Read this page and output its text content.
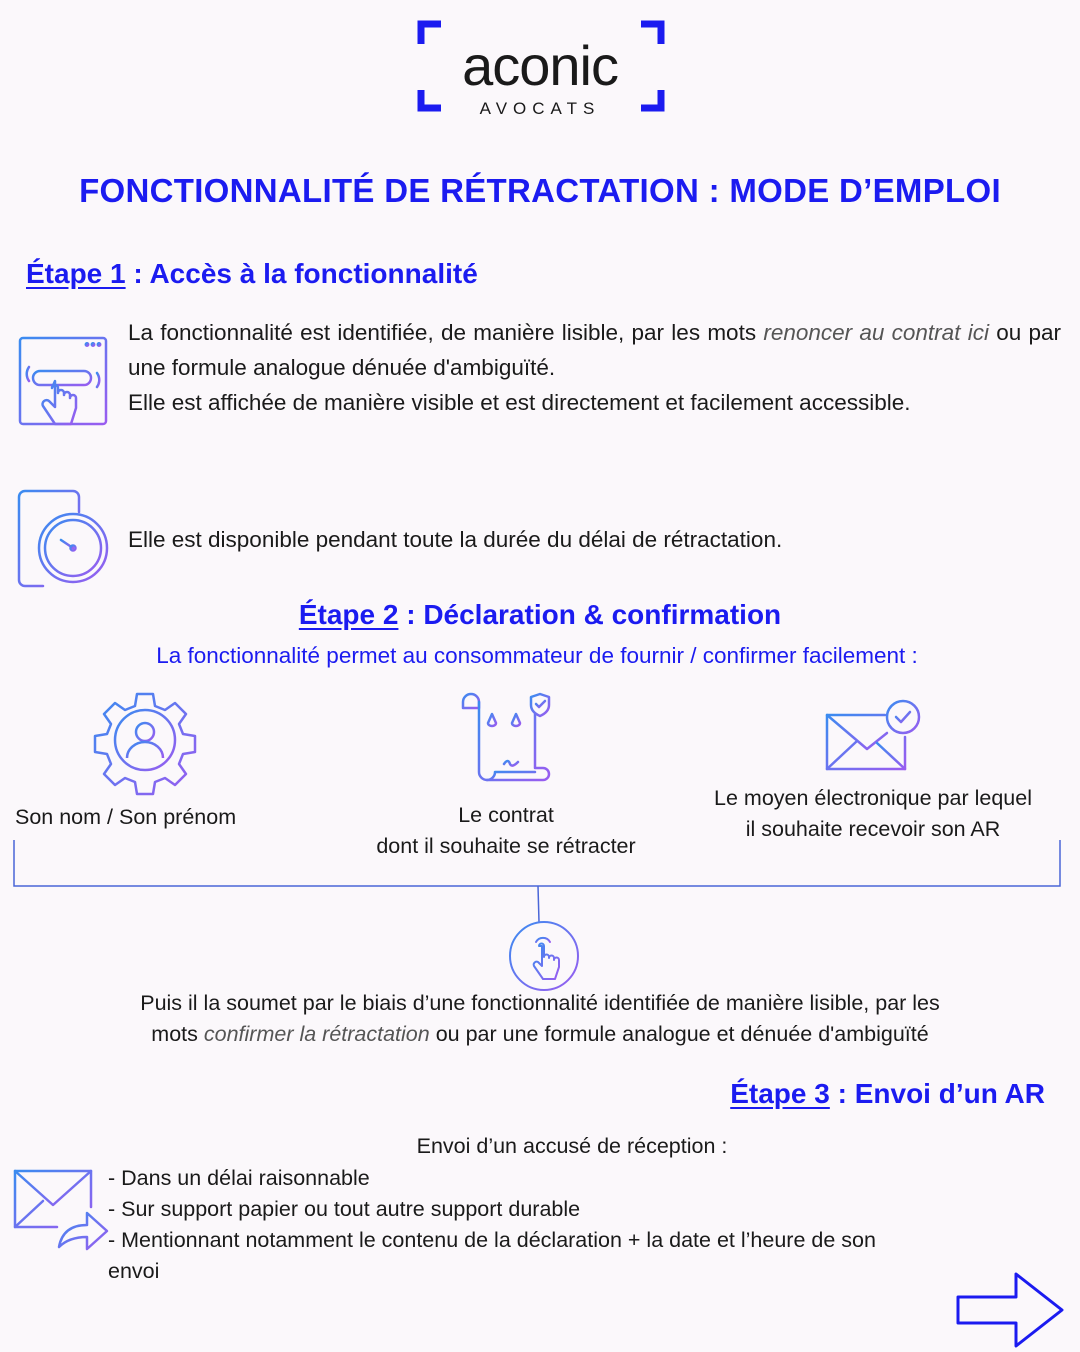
aconic
AVOCATS
FONCTIONNALITÉ DE RÉTRACTATION : MODE D’EMPLOI
Étape 1 : Accès à la fonctionnalité
La fonctionnalité est identifiée, de manière lisible, par les mots renoncer au contrat ici ou par une formule analogue dénuée d'ambiguïté.
Elle est affichée de manière visible et est directement et facilement accessible.
Elle est disponible pendant toute la durée du délai de rétractation.
Étape 2 : Déclaration & confirmation
La fonctionnalité permet au consommateur de fournir / confirmer facilement :
Son nom / Son prénom	Le contrat
dont il souhaite se rétracter
Le moyen électronique par lequel
il souhaite recevoir son AR
Puis il la soumet par le biais d’une fonctionnalité identifiée de manière lisible, par les
mots confirmer la rétractation ou par une formule analogue et dénuée d'ambiguïté
Étape 3 : Envoi d’un AR
Envoi d’un accusé de réception :
- Dans un délai raisonnable
- Sur support papier ou tout autre support durable
- Mentionnant notamment le contenu de la déclaration + la date et l’heure de son
envoi
